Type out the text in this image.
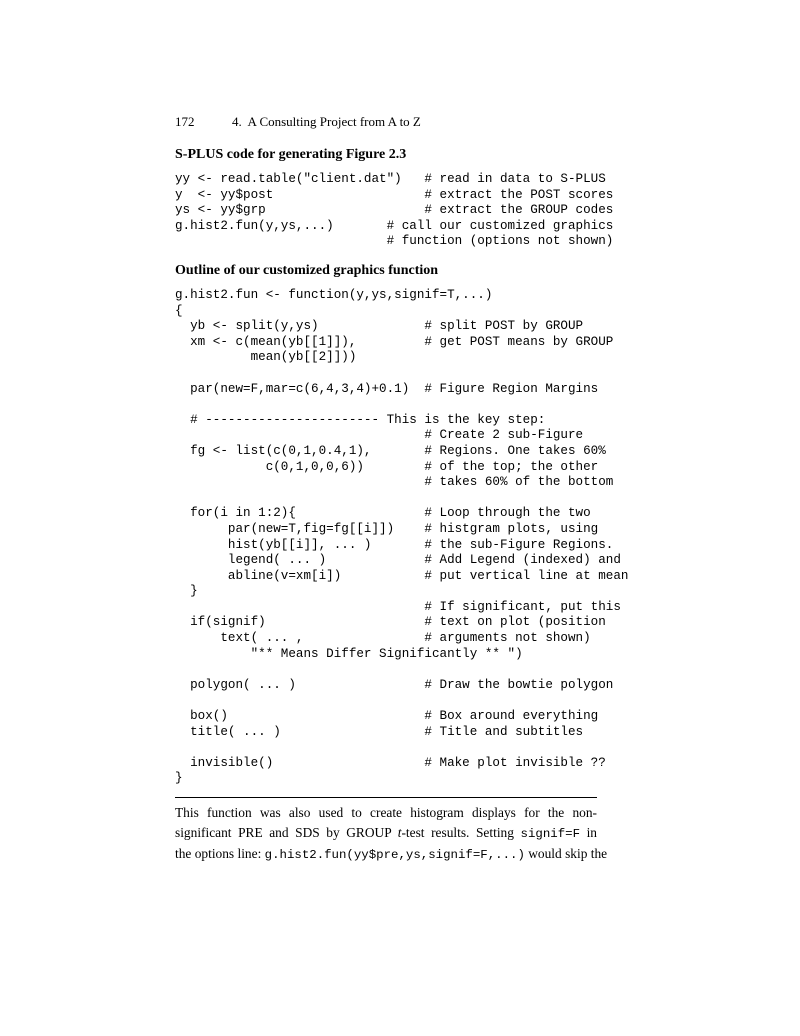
172	4.  A Consulting Project from A to Z
S-PLUS code for generating Figure 2.3
yy <- read.table("client.dat")   # read in data to S-PLUS
y  <- yy$post                    # extract the POST scores
ys <- yy$grp                     # extract the GROUP codes
g.hist2.fun(y,ys,...)       # call our customized graphics
# function (options not shown)
Outline of our customized graphics function
g.hist2.fun <- function(y,ys,signif=T,...)
{
yb <- split(y,ys)              # split POST by GROUP
xm <- c(mean(yb[[1]]),         # get POST means by GROUP
mean(yb[[2]]))

par(new=F,mar=c(6,4,3,4)+0.1)  # Figure Region Margins

# ----------------------- This is the key step:
# Create 2 sub-Figure
fg <- list(c(0,1,0.4,1),       # Regions. One takes 60%
c(0,1,0,0,6))        # of the top; the other
# takes 60% of the bottom

for(i in 1:2){                 # Loop through the two
par(new=T,fig=fg[[i]])    # histgram plots, using
hist(yb[[i]], ... )       # the sub-Figure Regions.
legend( ... )             # Add Legend (indexed) and
abline(v=xm[i])           # put vertical line at mean
}
# If significant, put this
if(signif)                     # text on plot (position
text( ... ,                # arguments not shown)
"** Means Differ Significantly ** ")

polygon( ... )                 # Draw the bowtie polygon

box()                          # Box around everything
title( ... )                   # Title and subtitles

invisible()                    # Make plot invisible ??
}
This function was also used to create histogram displays for the non-
significant PRE and SDS by GROUP t-test results. Setting signif=F in
the options line: g.hist2.fun(yy$pre,ys,signif=F,...) would skip the
